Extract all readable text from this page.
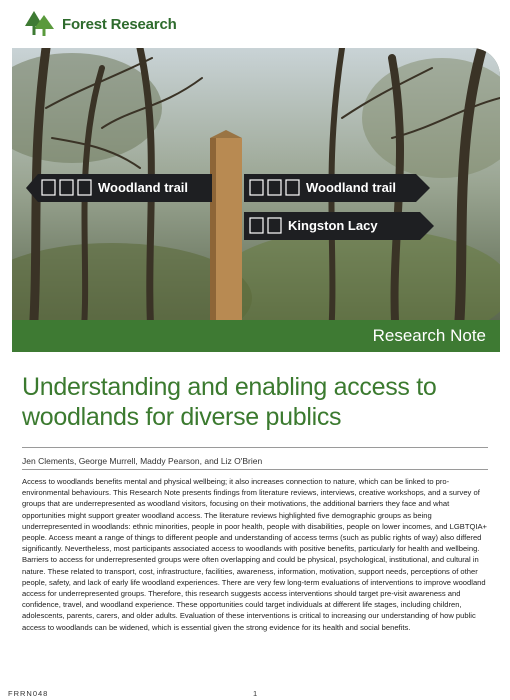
Forest Research
Woodland trail	Woodland trail
Kingston Lacy
Research Note
Understanding and enabling access to woodlands for diverse publics
Jen Clements, George Murrell, Maddy Pearson, and Liz O'Brien

Access to woodlands benefits mental and physical wellbeing; it also increases connection to nature, which can be linked to pro-environmental behaviours. This Research Note presents findings from literature reviews, interviews, creative workshops, and a survey of groups that are underrepresented as woodland visitors, focusing on their motivations, the additional barriers they face and what opportunities might support greater woodland access. The literature reviews highlighted five demographic groups as being underrepresented in woodlands: ethnic minorities, people in poor health, people with disabilities, people on lower incomes, and LGBTQIA+ people. Access meant a range of things to different people and understanding of access terms (such as public rights of way) also differed significantly. Nevertheless, most participants associated access to woodlands with positive benefits, particularly for health and wellbeing. Barriers to access for underrepresented groups were often overlapping and could be physical, psychological, institutional, and cultural in nature. These related to transport, cost, infrastructure, facilities, awareness, information, motivation, support needs, perceptions of other people, safety, and lack of early life woodland experiences. There are very few long-term evaluations of interventions to improve woodland access for underrepresented groups. Therefore, this research suggests access interventions should target pre-visit awareness and confidence, travel, and woodland experience. These opportunities could target individuals at different life stages, including children, adolescents, parents, carers, and older adults. Evaluation of these interventions is critical to increasing our understanding of how public access to woodlands can be widened, which is essential given the strong evidence for its health and social benefits.

FRRN048	1
